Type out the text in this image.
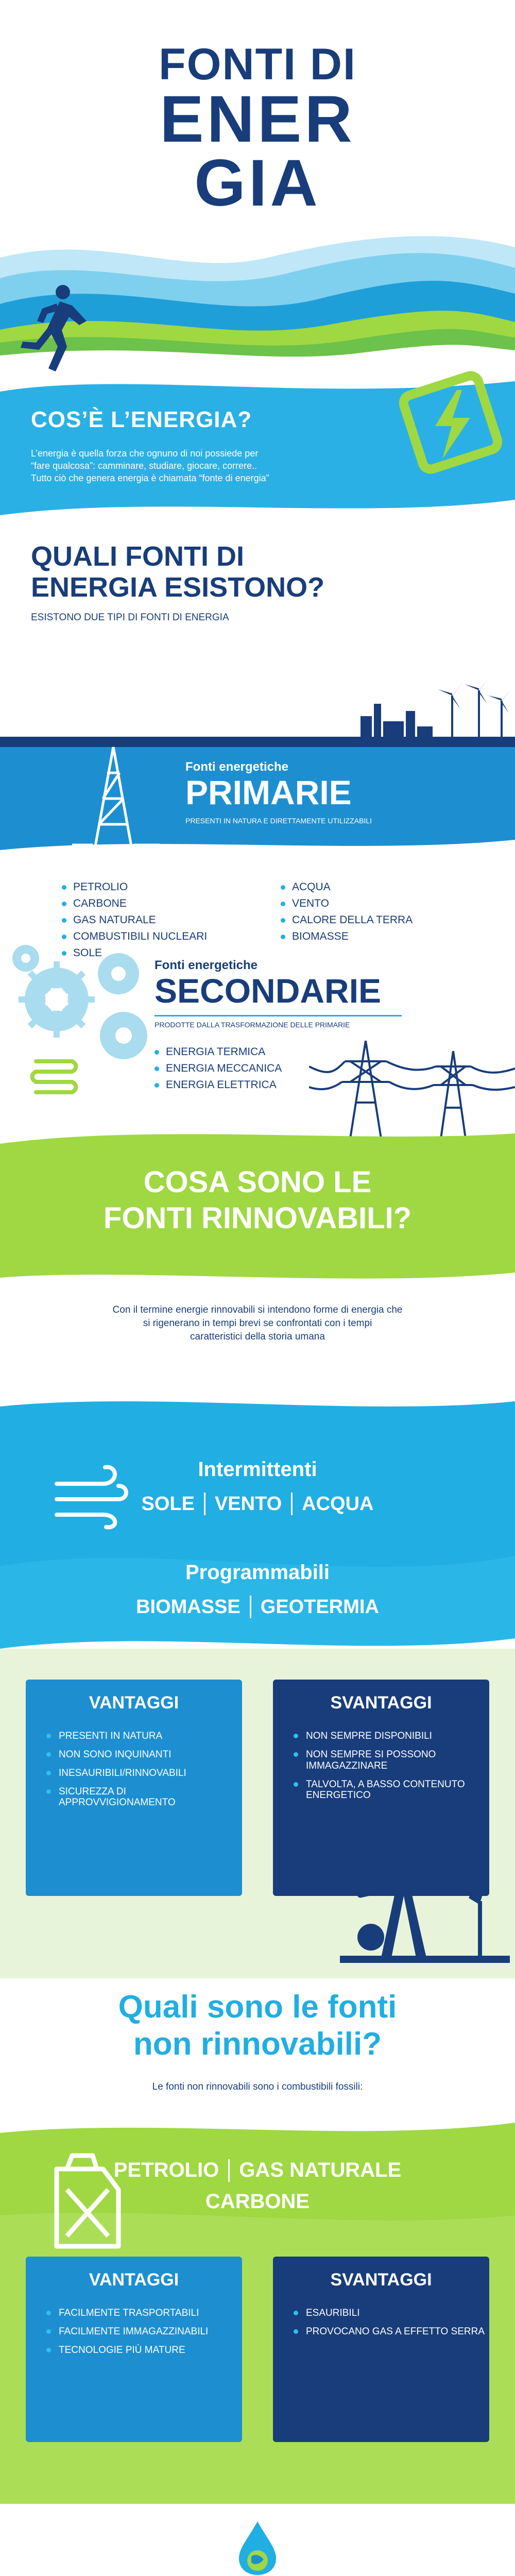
FONTI DI
ENER
GIA
COS’È L’ENERGIA?
L’energia è quella forza che ognuno di noi possiede per
“fare qualcosa”: camminare, studiare, giocare, correre..
Tutto ciò che genera energia è chiamata “fonte di energia”
QUALI FONTI DI
ENERGIA ESISTONO?
ESISTONO DUE TIPI DI FONTI DI ENERGIA
Fonti energetiche
PRIMARIE
PRESENTI IN NATURA E DIRETTAMENTE UTILIZZABILI
PETROLIO
CARBONE
GAS NATURALE
COMBUSTIBILI NUCLEARI
SOLE
ACQUA
VENTO
CALORE DELLA TERRA
BIOMASSE
Fonti energetiche
SECONDARIE
PRODOTTE DALLA TRASFORMAZIONE DELLE PRIMARIE
ENERGIA TERMICA
ENERGIA MECCANICA
ENERGIA ELETTRICA
COSA SONO LE
FONTI RINNOVABILI?
Con il termine energie rinnovabili si intendono forme di energia che
si rigenerano in tempi brevi se confrontati con i tempi
caratteristici della storia umana
Intermittenti
SOLE	VENTO	ACQUA
Programmabili
BIOMASSE	GEOTERMIA
VANTAGGI
PRESENTI IN NATURA
NON SONO INQUINANTI
INESAURIBILI/RINNOVABILI
SICUREZZA DI APPROVVIGIONAMENTO
SVANTAGGI
NON SEMPRE DISPONIBILI
NON SEMPRE SI POSSONO IMMAGAZZINARE
TALVOLTA, A BASSO CONTENUTO ENERGETICO
Quali sono le fonti
non rinnovabili?
Le fonti non rinnovabili sono i combustibili fossili:
PETROLIO GAS NATURALE
CARBONE
VANTAGGI
FACILMENTE TRASPORTABILI
FACILMENTE IMMAGAZZINABILI
TECNOLOGIE PIÙ MATURE
SVANTAGGI
ESAURIBILI
PROVOCANO GAS A EFFETTO SERRA
